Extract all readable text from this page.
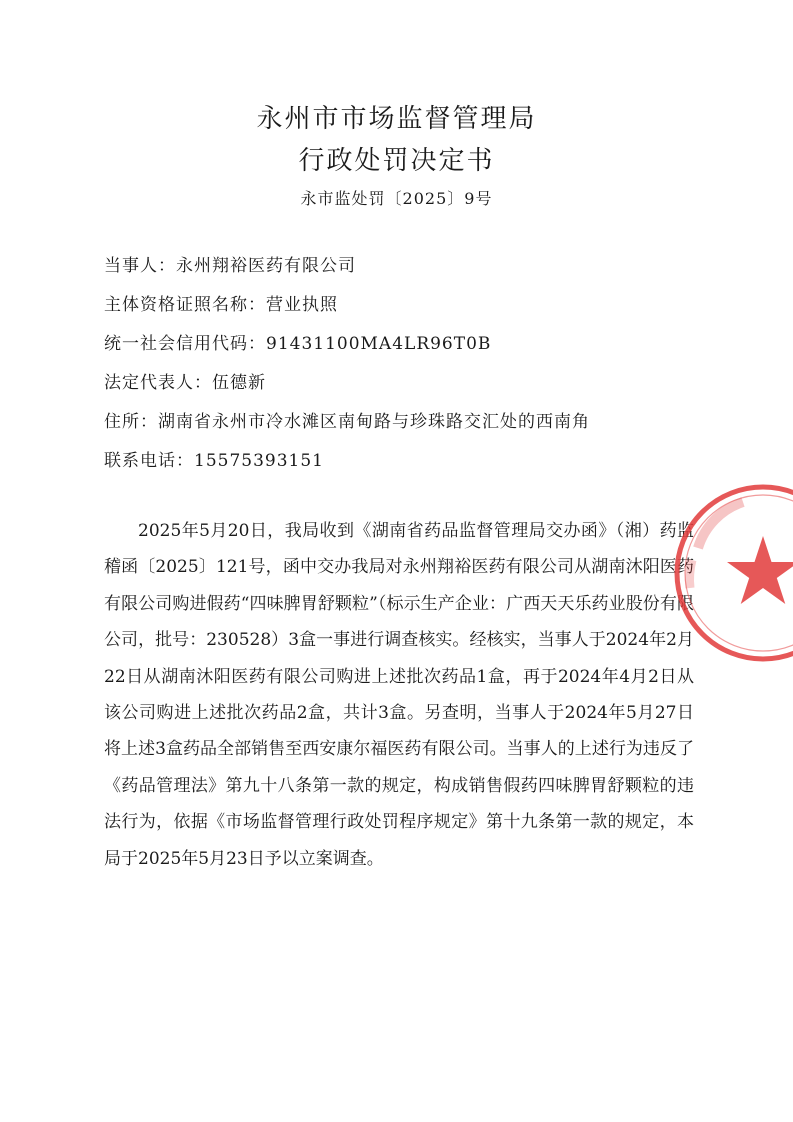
永州市市场监督管理局
行政处罚决定书
永市监处罚〔2025〕9号
当事人：永州翔裕医药有限公司
主体资格证照名称：营业执照
统一社会信用代码：91431100MA4LR96T0B
法定代表人：伍德新
住所：湖南省永州市冷水滩区南甸路与珍珠路交汇处的西南角
联系电话：15575393151

2025年5月20日，我局收到《湖南省药品监督管理局交办函》（湘）药监稽函〔2025〕121号，函中交办我局对永州翔裕医药有限公司从湖南沐阳医药有限公司购进假药“四味脾胃舒颗粒”（标示生产企业：广西天天乐药业股份有限公司，批号：230528）3盒一事进行调查核实。经核实，当事人于2024年2月22日从湖南沐阳医药有限公司购进上述批次药品1盒，再于2024年4月2日从该公司购进上述批次药品2盒，共计3盒。另查明，当事人于2024年5月27日将上述3盒药品全部销售至西安康尔福医药有限公司。当事人的上述行为违反了《药品管理法》第九十八条第一款的规定，构成销售假药四味脾胃舒颗粒的违法行为，依据《市场监督管理行政处罚程序规定》第十九条第一款的规定，本局于2025年5月23日予以立案调查。
